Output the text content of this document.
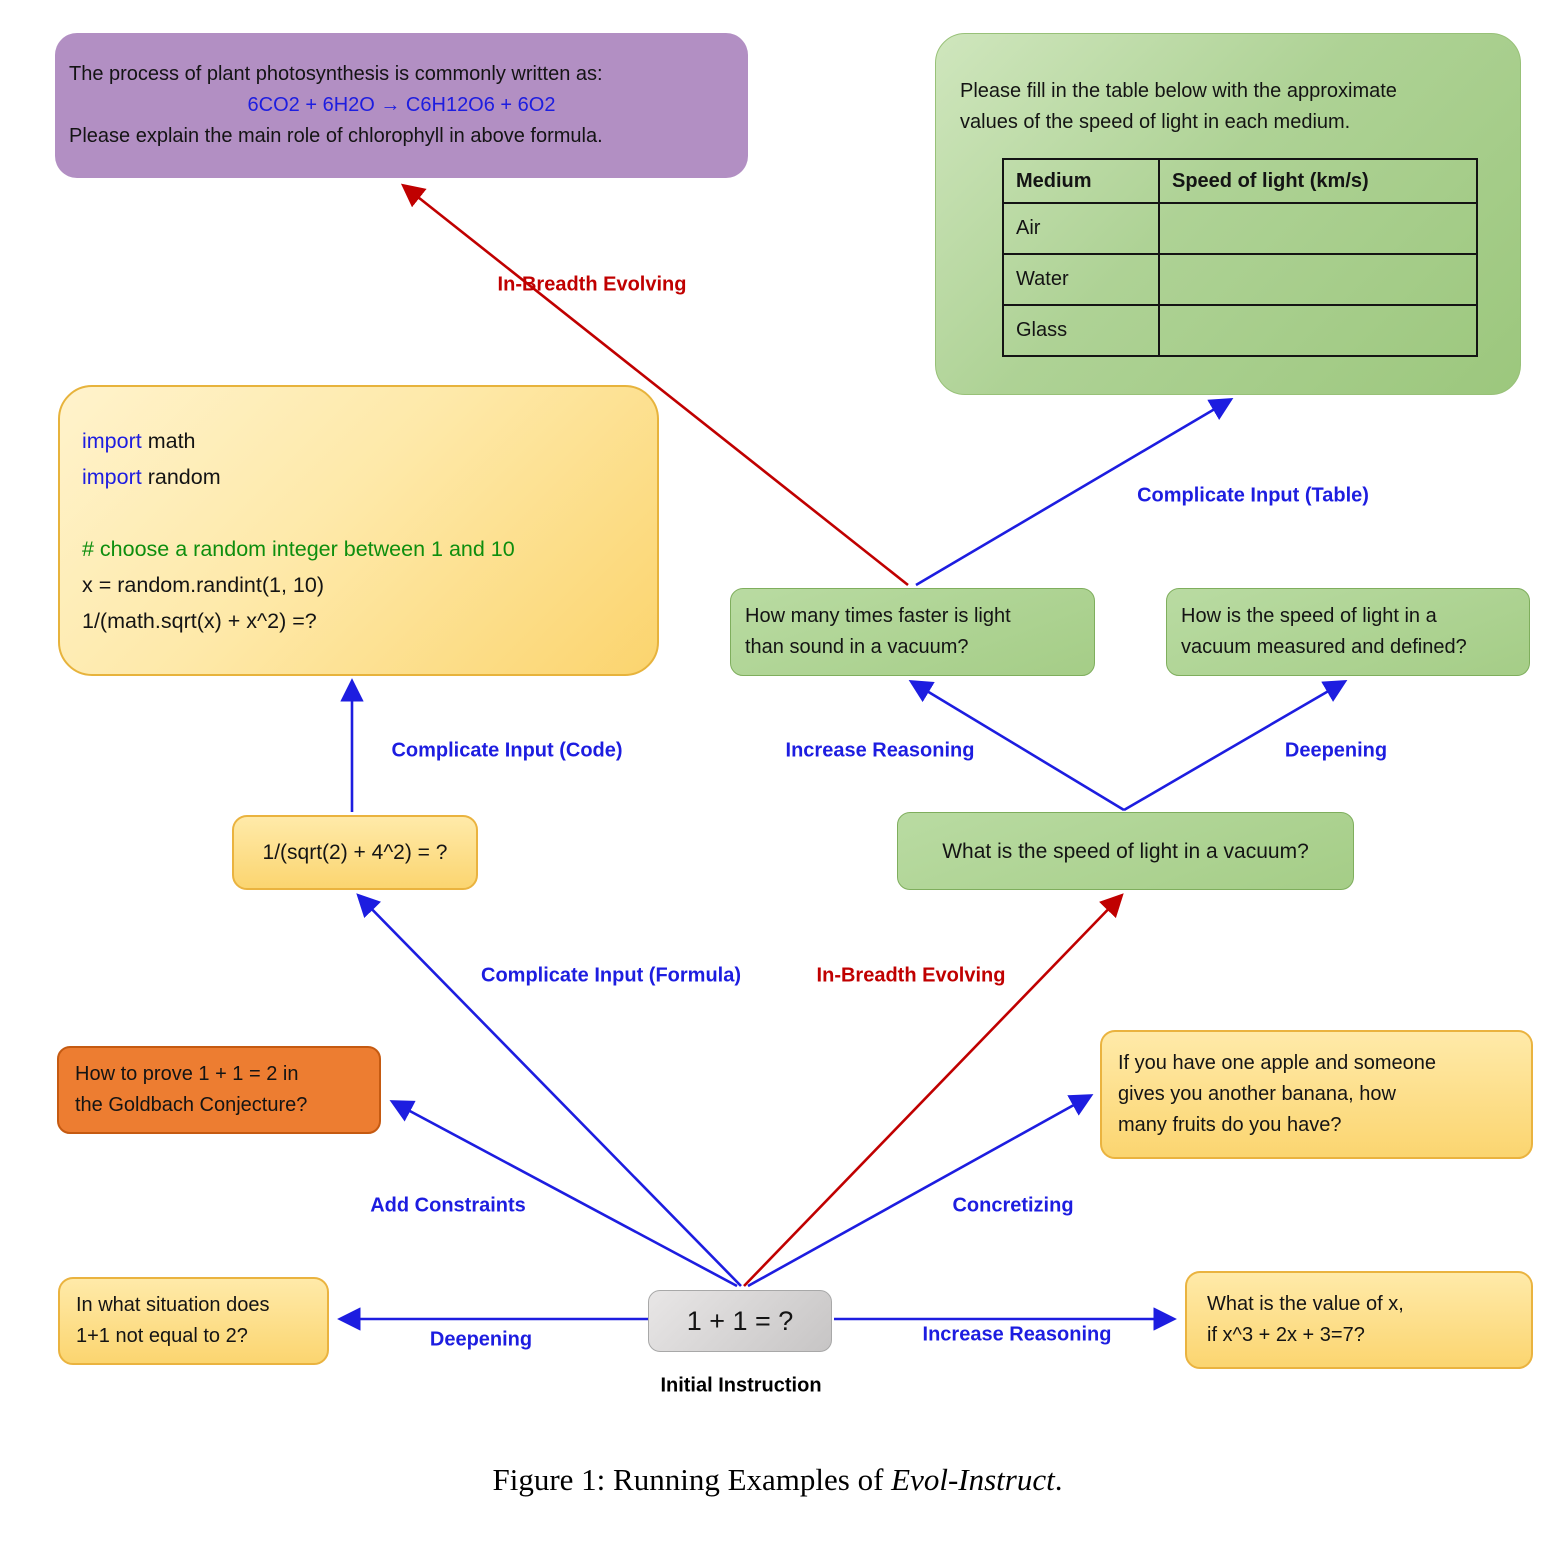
The process of plant photosynthesis is commonly written as:
6CO2 + 6H2O → C6H12O6 + 6O2
Please explain the main role of chlorophyll in above formula.
Please fill in the table below with the approximate
values of the speed of light in each medium.
Medium	Speed of light (km/s)
Air	
Water	
Glass	
import math
import random

# choose a random integer between 1 and 10
x = random.randint(1, 10)
1/(math.sqrt(x) + x^2) =?	How many times faster is light
than sound in a vacuum?
How is the speed of light in a
vacuum measured and defined?
1/(sqrt(2) + 4^2) = ?	What is the speed of light in a vacuum?
How to prove 1 + 1 = 2 in
the Goldbach Conjecture?
If you have one apple and someone
gives you another banana, how
many fruits do you have?
In what situation does
1+1 not equal to 2?
1 + 1 = ?
What is the value of x,
if x^3 + 2x + 3=7?
In-Breadth Evolving
Complicate Input (Table)
Complicate Input (Code)	Increase Reasoning	Deepening
Complicate Input (Formula)	In-Breadth Evolving
Add Constraints	Concretizing
Deepening	Increase Reasoning
Initial Instruction
Figure 1: Running Examples of Evol-Instruct.
